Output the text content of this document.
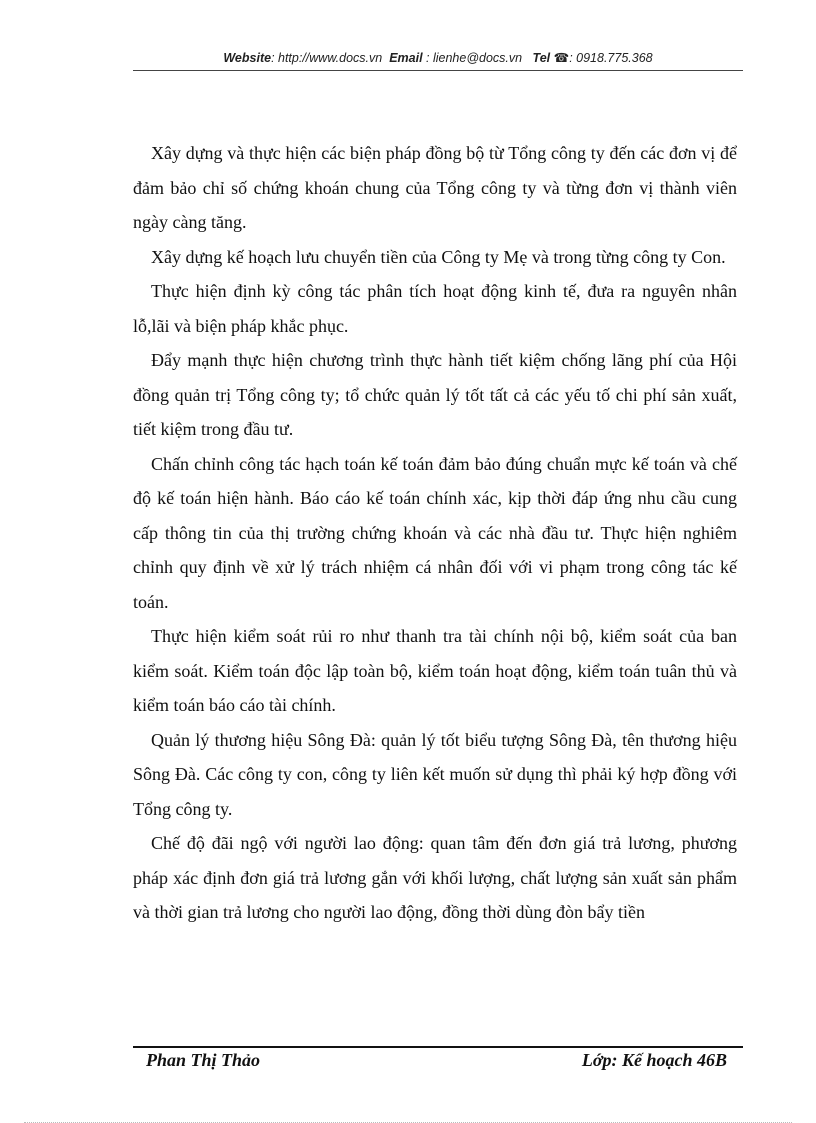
Website: http://www.docs.vn Email : lienhe@docs.vn Tel ☎: 0918.775.368

Xây dựng và thực hiện các biện pháp đồng bộ từ Tổng công ty đến các đơn vị để đảm bảo chỉ số chứng khoán chung của Tổng công ty và từng đơn vị thành viên ngày càng tăng.

Xây dựng kế hoạch lưu chuyển tiền của Công ty Mẹ và trong từng công ty Con.

Thực hiện định kỳ công tác phân tích hoạt động kinh tế, đưa ra nguyên nhân lỗ,lãi và biện pháp khắc phục.

Đẩy mạnh thực hiện chương trình thực hành tiết kiệm chống lãng phí của Hội đồng quản trị Tổng công ty; tổ chức quản lý tốt tất cả các yếu tố chi phí sản xuất, tiết kiệm trong đầu tư.

Chấn chỉnh công tác hạch toán kế toán đảm bảo đúng chuẩn mực kế toán và chế độ kế toán hiện hành. Báo cáo kế toán chính xác, kịp thời đáp ứng nhu cầu cung cấp thông tin của thị trường chứng khoán và các nhà đầu tư. Thực hiện nghiêm chỉnh quy định về xử lý trách nhiệm cá nhân đối với vi phạm trong công tác kế toán.

Thực hiện kiểm soát rủi ro như thanh tra tài chính nội bộ, kiểm soát của ban kiểm soát. Kiểm toán độc lập toàn bộ, kiểm toán hoạt động, kiểm toán tuân thủ và kiểm toán báo cáo tài chính.

Quản lý thương hiệu Sông Đà: quản lý tốt biểu tượng Sông Đà, tên thương hiệu Sông Đà. Các công ty con, công ty liên kết muốn sử dụng thì phải ký hợp đồng với Tổng công ty.

Chế độ đãi ngộ với người lao động: quan tâm đến đơn giá trả lương, phương pháp xác định đơn giá trả lương gắn với khối lượng, chất lượng sản xuất sản phẩm và thời gian trả lương cho người lao động, đồng thời dùng đòn bẩy tiền

Phan Thị Thảo	Lớp: Kế hoạch 46B
